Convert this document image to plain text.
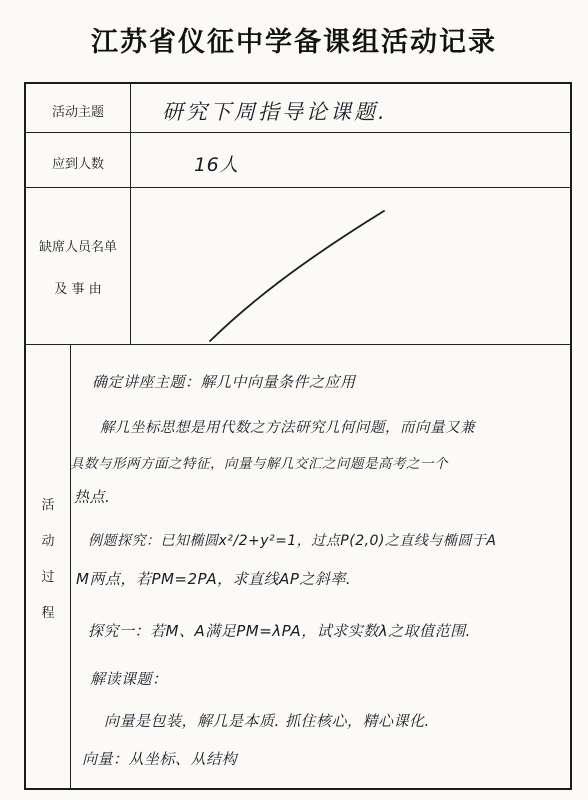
江苏省仪征中学备课组活动记录
活动主题
应到人数
缺席人员名单
及 事 由
研究下周指导论课题.
16人
活
动
过
程
确定讲座主题：解几中向量条件之应用
解几坐标思想是用代数之方法研究几何问题，而向量又兼
具数与形两方面之特征，向量与解几交汇之问题是高考之一个
热点.
例题探究：已知椭圆x²/2+y²=1，过点P(2,0)之直线与椭圆于A
M两点，若PM=2PA，求直线AP之斜率.
探究一：若M、A满足PM=λPA，试求实数λ之取值范围.
解读课题：
向量是包装，解几是本质. 抓住核心，精心课化.
向量：从坐标、从结构
